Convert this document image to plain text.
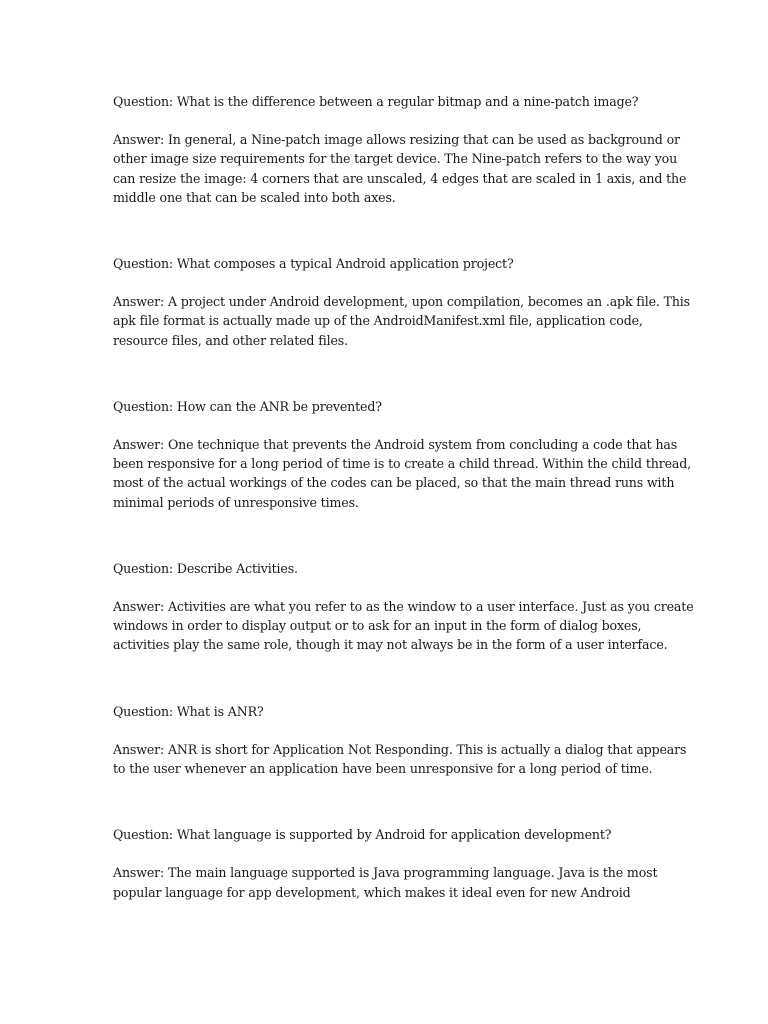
Question: What is the difference between a regular bitmap and a nine-patch image?

Answer: In general, a Nine-patch image allows resizing that can be used as background or
other image size requirements for the target device. The Nine-patch refers to the way you
can resize the image: 4 corners that are unscaled, 4 edges that are scaled in 1 axis, and the
middle one that can be scaled into both axes.

Question: What composes a typical Android application project?

Answer: A project under Android development, upon compilation, becomes an .apk file. This
apk file format is actually made up of the AndroidManifest.xml file, application code,
resource files, and other related files.

Question: How can the ANR be prevented?

Answer: One technique that prevents the Android system from concluding a code that has
been responsive for a long period of time is to create a child thread. Within the child thread,
most of the actual workings of the codes can be placed, so that the main thread runs with
minimal periods of unresponsive times.

Question: Describe Activities.

Answer: Activities are what you refer to as the window to a user interface. Just as you create
windows in order to display output or to ask for an input in the form of dialog boxes,
activities play the same role, though it may not always be in the form of a user interface.

Question: What is ANR?

Answer: ANR is short for Application Not Responding. This is actually a dialog that appears
to the user whenever an application have been unresponsive for a long period of time.

Question: What language is supported by Android for application development?

Answer: The main language supported is Java programming language. Java is the most
popular language for app development, which makes it ideal even for new Android
